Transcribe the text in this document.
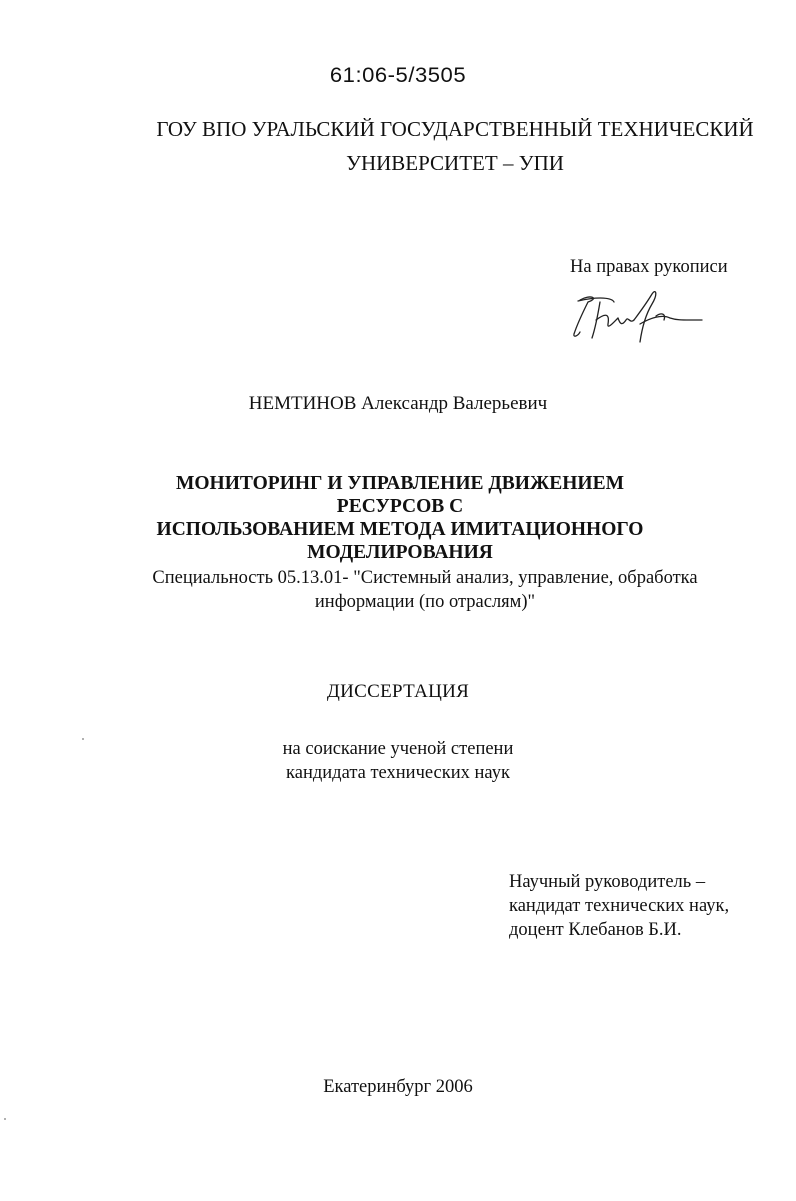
61:06-5/3505
ГОУ ВПО УРАЛЬСКИЙ ГОСУДАРСТВЕННЫЙ ТЕХНИЧЕСКИЙ
УНИВЕРСИТЕТ – УПИ
На правах рукописи
НЕМТИНОВ Александр Валерьевич
МОНИТОРИНГ И УПРАВЛЕНИЕ ДВИЖЕНИЕМ РЕСУРСОВ С
ИСПОЛЬЗОВАНИЕМ МЕТОДА ИМИТАЦИОННОГО
МОДЕЛИРОВАНИЯ
Специальность 05.13.01- "Системный анализ, управление, обработка
информации (по отраслям)"
ДИССЕРТАЦИЯ
на соискание ученой степени
кандидата технических наук
Научный руководитель –
кандидат технических наук,
доцент Клебанов Б.И.
Екатеринбург 2006
